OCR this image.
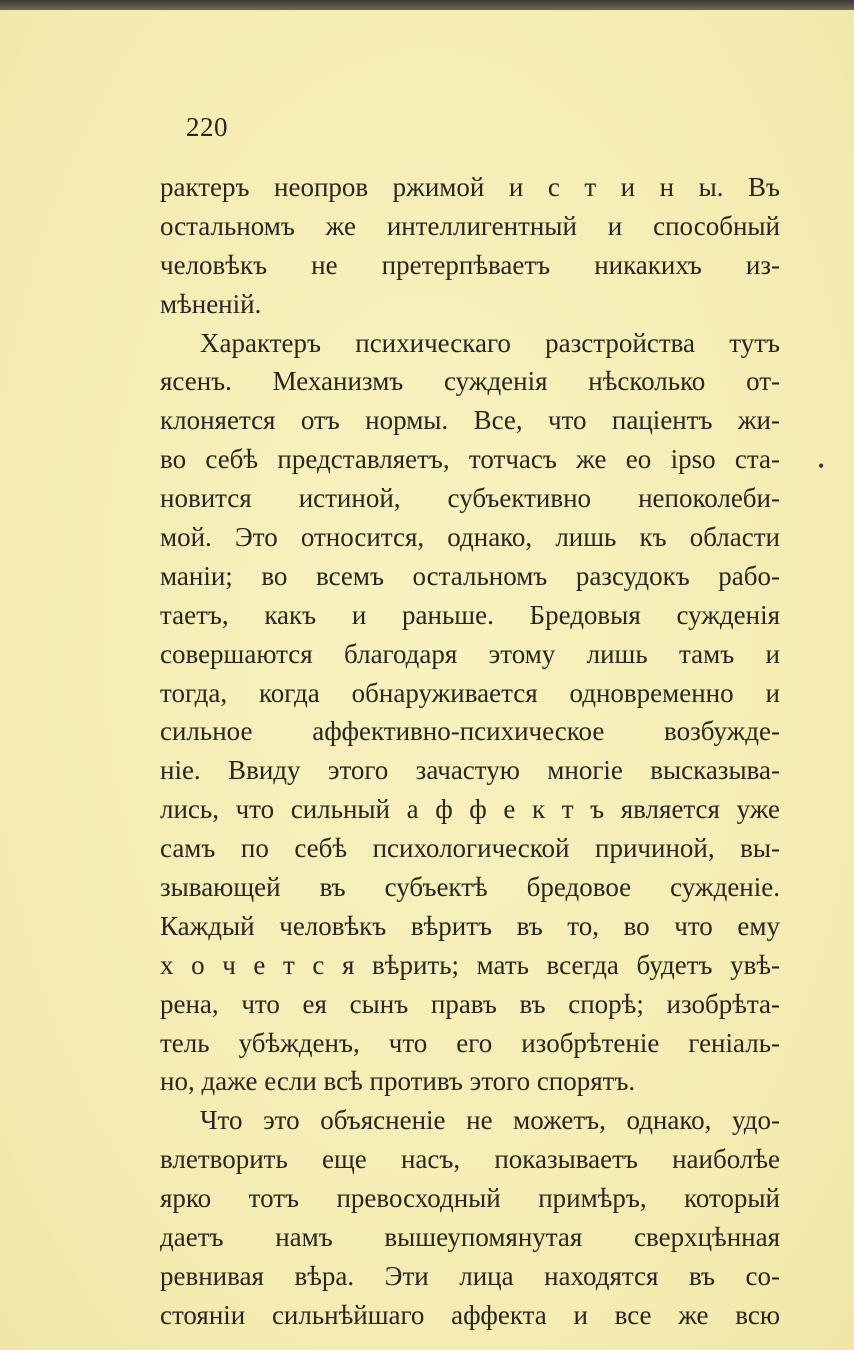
220
•
рактеръ неопров ржимой и с т и н ы. Въ
остальномъ же интеллигентный и способный
человѣкъ не претерпѣваетъ никакихъ из-
мѣненій.
Характеръ психическаго разстройства тутъ
ясенъ. Механизмъ сужденія нѣсколько от-
клоняется отъ нормы. Все, что паціентъ жи-
во себѣ представляетъ, тотчасъ же eo ipso ста-
новится истиной, субъективно непоколеби-
мой. Это относится, однако, лишь къ области
маніи; во всемъ остальномъ разсудокъ рабо-
таетъ, какъ и раньше. Бредовыя сужденія
совершаются благодаря этому лишь тамъ и
тогда, когда обнаруживается одновременно и
сильное аффективно-психическое возбужде-
ніе. Ввиду этого зачастую многіе высказыва-
лись, что сильный а ф ф е к т ъ является уже
самъ по себѣ психологической причиной, вы-
зывающей въ субъектѣ бредовое сужденіе.
Каждый человѣкъ вѣритъ въ то, во что ему
х о ч е т с я вѣрить; мать всегда будетъ увѣ-
рена, что ея сынъ правъ въ спорѣ; изобрѣта-
тель убѣжденъ, что его изобрѣтеніе геніаль-
но, даже если всѣ противъ этого спорятъ.
Что это объясненіе не можетъ, однако, удо-
влетворить еще насъ, показываетъ наиболѣе
ярко тотъ превосходный примѣръ, который
даетъ намъ вышеупомянутая сверхцѣнная
ревнивая вѣра. Эти лица находятся въ со-
стояніи сильнѣйшаго аффекта и все же всю
